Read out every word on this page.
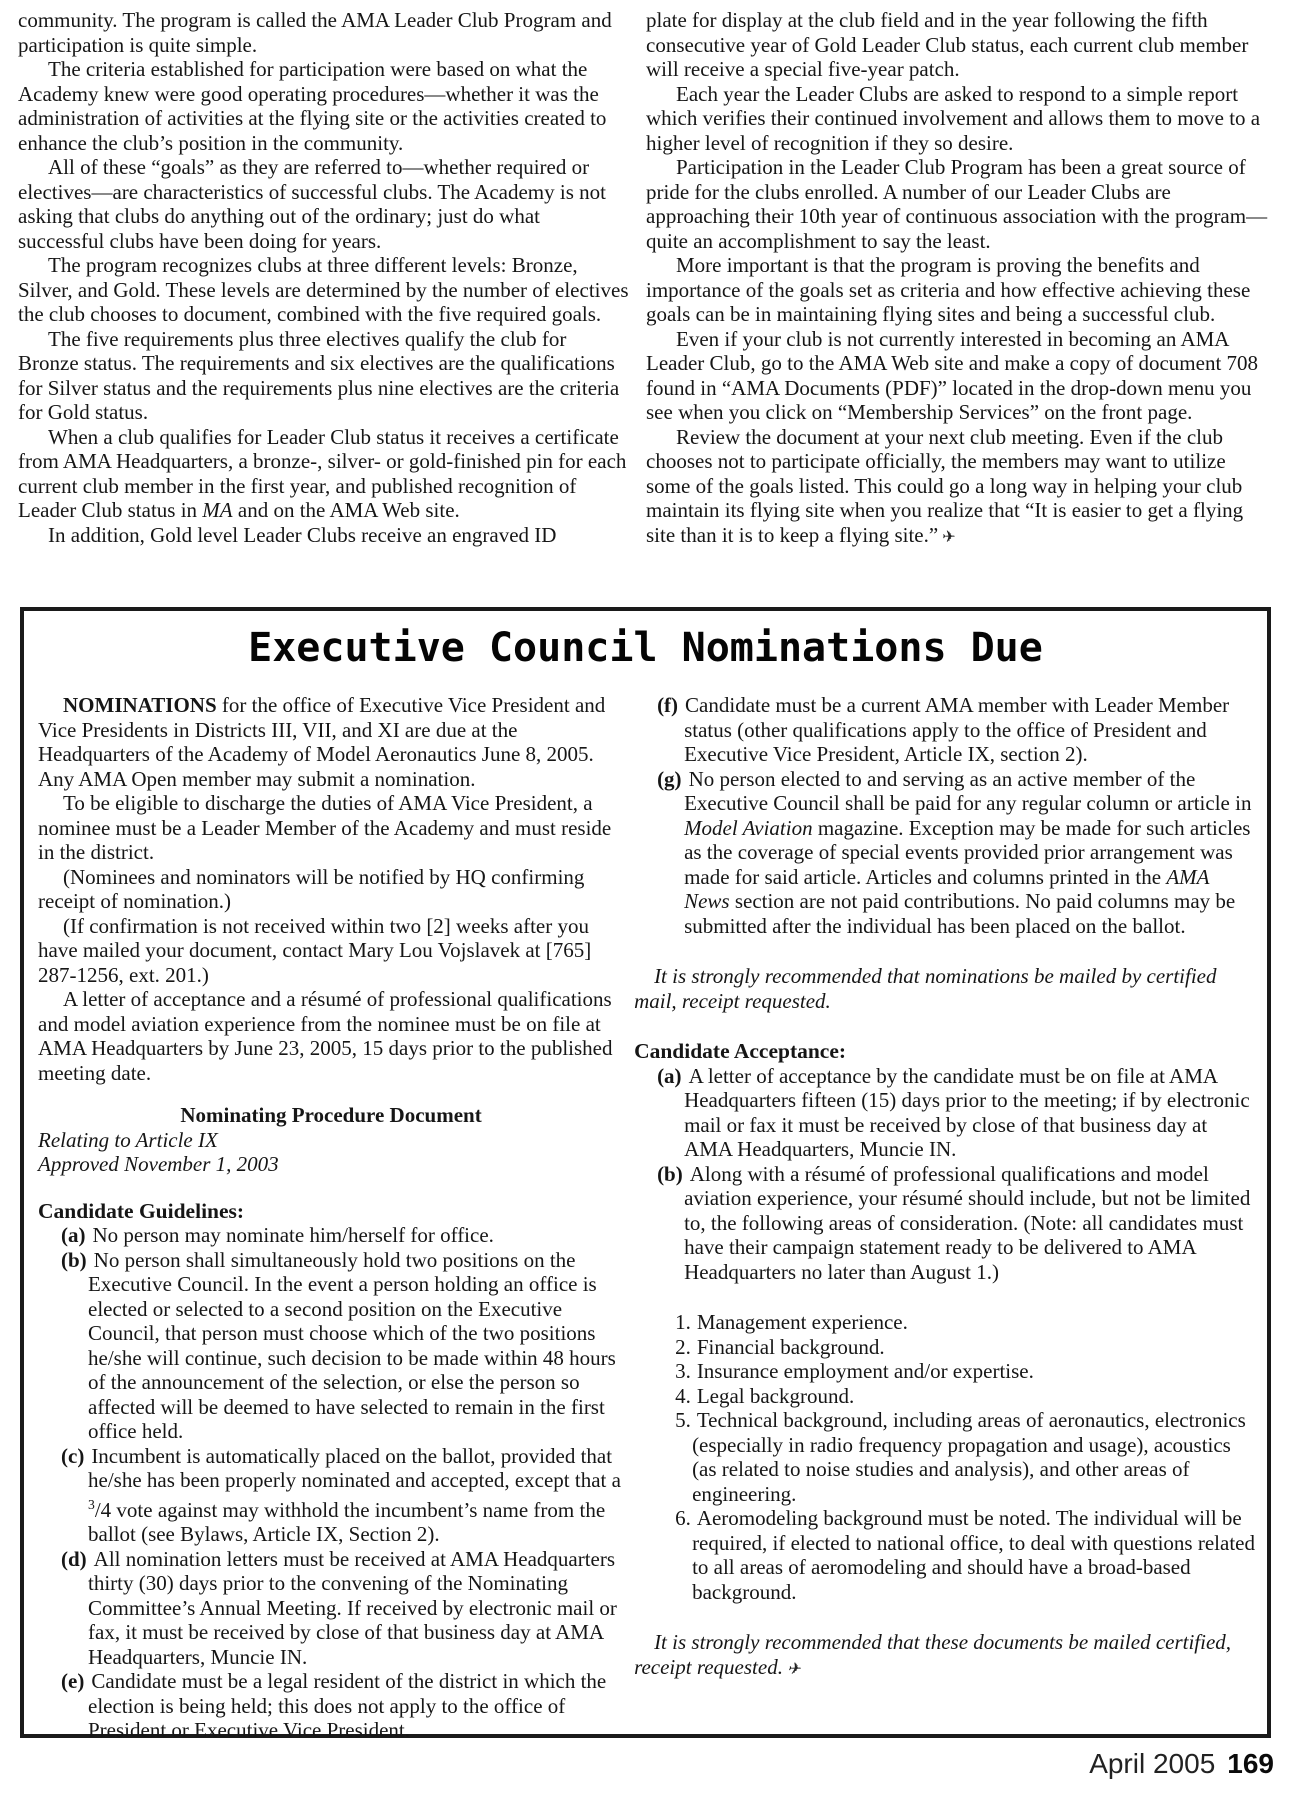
community. The program is called the AMA Leader Club Program and participation is quite simple.

The criteria established for participation were based on what the Academy knew were good operating procedures—whether it was the administration of activities at the flying site or the activities created to enhance the club’s position in the community.

All of these “goals” as they are referred to—whether required or electives—are characteristics of successful clubs. The Academy is not asking that clubs do anything out of the ordinary; just do what successful clubs have been doing for years.

The program recognizes clubs at three different levels: Bronze, Silver, and Gold. These levels are determined by the number of electives the club chooses to document, combined with the five required goals.

The five requirements plus three electives qualify the club for Bronze status. The requirements and six electives are the qualifications for Silver status and the requirements plus nine electives are the criteria for Gold status.

When a club qualifies for Leader Club status it receives a certificate from AMA Headquarters, a bronze-, silver- or gold-finished pin for each current club member in the first year, and published recognition of Leader Club status in MA and on the AMA Web site.

In addition, Gold level Leader Clubs receive an engraved ID

plate for display at the club field and in the year following the fifth consecutive year of Gold Leader Club status, each current club member will receive a special five-year patch.

Each year the Leader Clubs are asked to respond to a simple report which verifies their continued involvement and allows them to move to a higher level of recognition if they so desire.

Participation in the Leader Club Program has been a great source of pride for the clubs enrolled. A number of our Leader Clubs are approaching their 10th year of continuous association with the program—quite an accomplishment to say the least.

More important is that the program is proving the benefits and importance of the goals set as criteria and how effective achieving these goals can be in maintaining flying sites and being a successful club.

Even if your club is not currently interested in becoming an AMA Leader Club, go to the AMA Web site and make a copy of document 708 found in “AMA Documents (PDF)” located in the drop-down menu you see when you click on “Membership Services” on the front page.

Review the document at your next club meeting. Even if the club chooses not to participate officially, the members may want to utilize some of the goals listed. This could go a long way in helping your club maintain its flying site when you realize that “It is easier to get a flying site than it is to keep a flying site.” ✈

Executive Council Nominations Due

NOMINATIONS for the office of Executive Vice President and Vice Presidents in Districts III, VII, and XI are due at the Headquarters of the Academy of Model Aeronautics June 8, 2005. Any AMA Open member may submit a nomination.

To be eligible to discharge the duties of AMA Vice President, a nominee must be a Leader Member of the Academy and must reside in the district.

(Nominees and nominators will be notified by HQ confirming receipt of nomination.)

(If confirmation is not received within two [2] weeks after you have mailed your document, contact Mary Lou Vojslavek at [765] 287-1256, ext. 201.)

A letter of acceptance and a résumé of professional qualifications and model aviation experience from the nominee must be on file at AMA Headquarters by June 23, 2005, 15 days prior to the published meeting date.

Nominating Procedure Document
Relating to Article IX
Approved November 1, 2003
Candidate Guidelines:
(a) No person may nominate him/herself for office.
(b) No person shall simultaneously hold two positions on the Executive Council. In the event a person holding an office is elected or selected to a second position on the Executive Council, that person must choose which of the two positions he/she will continue, such decision to be made within 48 hours of the announcement of the selection, or else the person so affected will be deemed to have selected to remain in the first office held.
(c) Incumbent is automatically placed on the ballot, provided that he/she has been properly nominated and accepted, except that a $^3$/4 vote against may withhold the incumbent’s name from the ballot (see Bylaws, Article IX, Section 2).
(d) All nomination letters must be received at AMA Headquarters thirty (30) days prior to the convening of the Nominating Committee’s Annual Meeting. If received by electronic mail or fax, it must be received by close of that business day at AMA Headquarters, Muncie IN.
(e) Candidate must be a legal resident of the district in which the election is being held; this does not apply to the office of President or Executive Vice President.
(f) Candidate must be a current AMA member with Leader Member status (other qualifications apply to the office of President and Executive Vice President, Article IX, section 2).
(g) No person elected to and serving as an active member of the Executive Council shall be paid for any regular column or article in Model Aviation magazine. Exception may be made for such articles as the coverage of special events provided prior arrangement was made for said article. Articles and columns printed in the AMA News section are not paid contributions. No paid columns may be submitted after the individual has been placed on the ballot.
It is strongly recommended that nominations be mailed by certified mail, receipt requested.
Candidate Acceptance:
(a) A letter of acceptance by the candidate must be on file at AMA Headquarters fifteen (15) days prior to the meeting; if by electronic mail or fax it must be received by close of that business day at AMA Headquarters, Muncie IN.
(b) Along with a résumé of professional qualifications and model aviation experience, your résumé should include, but not be limited to, the following areas of consideration. (Note: all candidates must have their campaign statement ready to be delivered to AMA Headquarters no later than August 1.)
1. Management experience.
2. Financial background.
3. Insurance employment and/or expertise.
4. Legal background.
5. Technical background, including areas of aeronautics, electronics (especially in radio frequency propagation and usage), acoustics (as related to noise studies and analysis), and other areas of engineering.
6. Aeromodeling background must be noted. The individual will be required, if elected to national office, to deal with questions related to all areas of aeromodeling and should have a broad-based background.
It is strongly recommended that these documents be mailed certified, receipt requested. ✈
April 2005 169
